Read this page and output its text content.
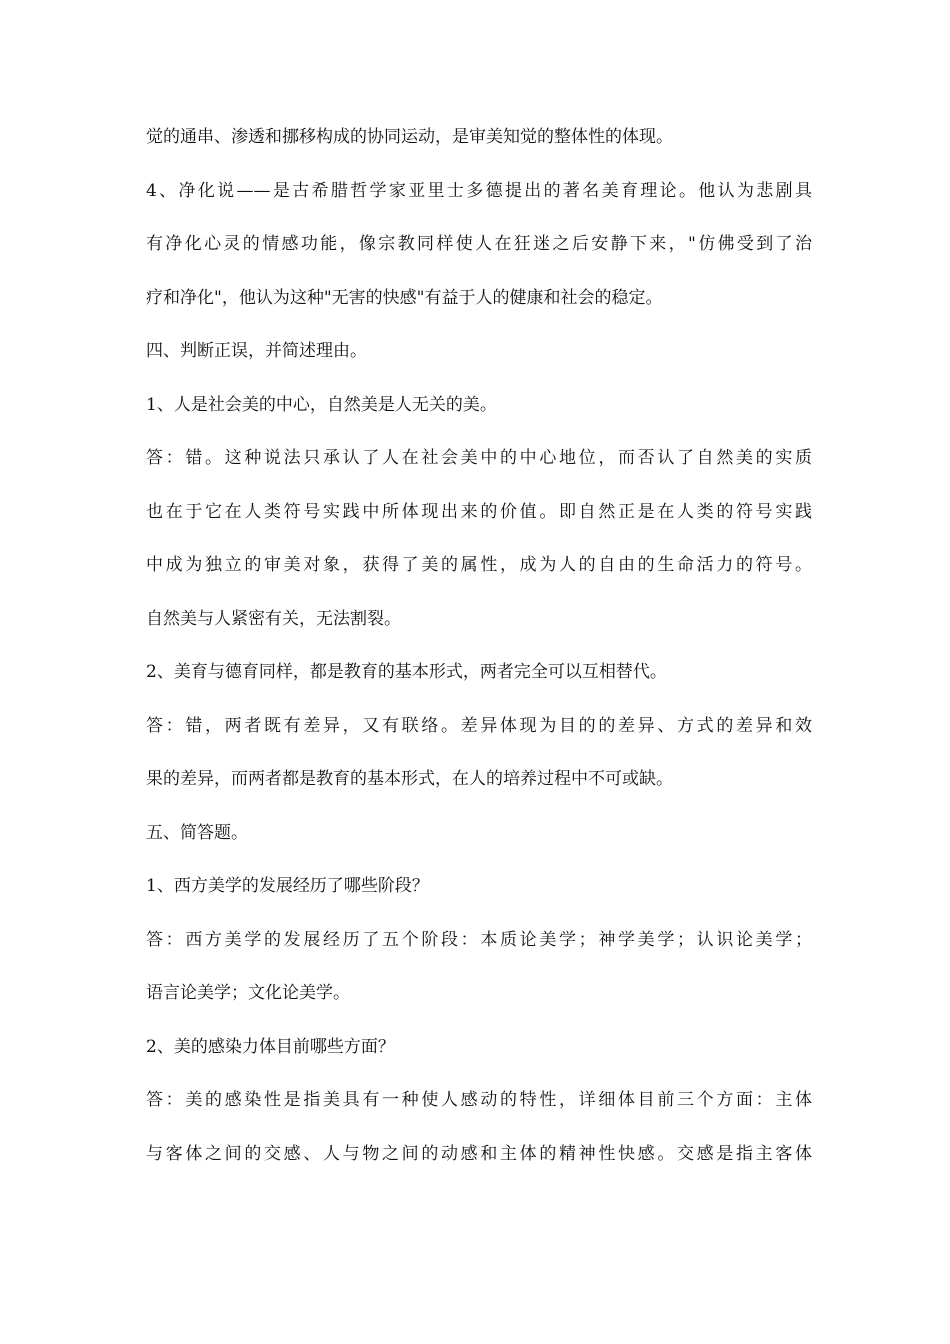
觉的通串、渗透和挪移构成的协同运动，是审美知觉的整体性的体现。
4、净化说——是古希腊哲学家亚里士多德提出的著名美育理论。他认为悲剧具
有净化心灵的情感功能，像宗教同样使人在狂迷之后安静下来，"仿佛受到了治
疗和净化"，他认为这种"无害的快感"有益于人的健康和社会的稳定。
四、判断正误，并简述理由。
1、人是社会美的中心，自然美是人无关的美。
答：错。这种说法只承认了人在社会美中的中心地位，而否认了自然美的实质
也在于它在人类符号实践中所体现出来的价值。即自然正是在人类的符号实践
中成为独立的审美对象，获得了美的属性，成为人的自由的生命活力的符号。
自然美与人紧密有关，无法割裂。
2、美育与德育同样，都是教育的基本形式，两者完全可以互相替代。
答：错，两者既有差异，又有联络。差异体现为目的的差异、方式的差异和效
果的差异，而两者都是教育的基本形式，在人的培养过程中不可或缺。
五、简答题。
1、西方美学的发展经历了哪些阶段？
答：西方美学的发展经历了五个阶段：本质论美学；神学美学；认识论美学；
语言论美学；文化论美学。
2、美的感染力体目前哪些方面？
答：美的感染性是指美具有一种使人感动的特性，详细体目前三个方面：主体
与客体之间的交感、人与物之间的动感和主体的精神性快感。交感是指主客体
